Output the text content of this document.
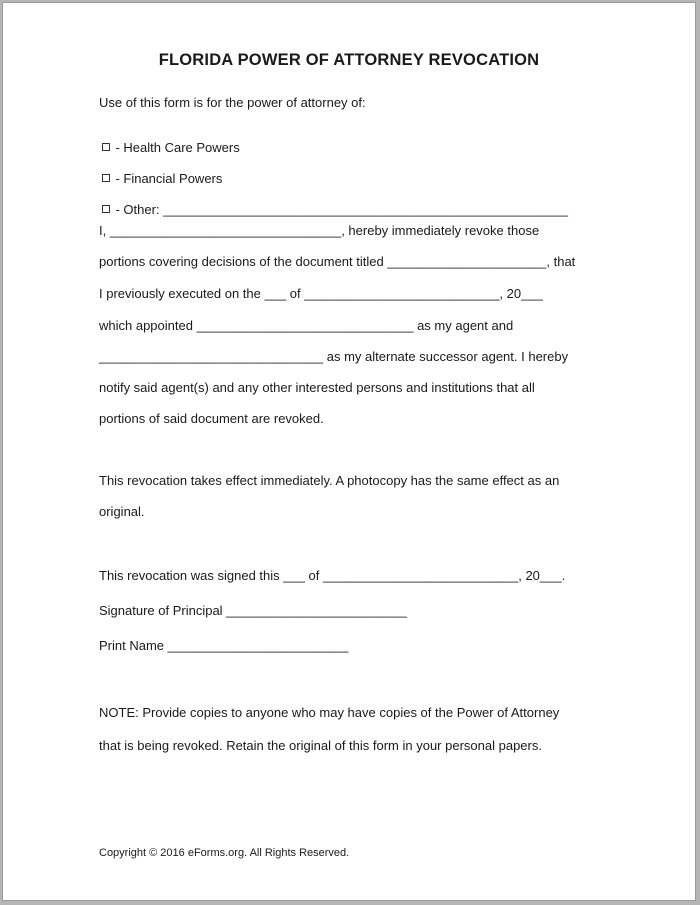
FLORIDA POWER OF ATTORNEY REVOCATION
Use of this form is for the power of attorney of:

- Health Care Powers

- Financial Powers

- Other: ________________________________________________________

I, ________________________________, hereby immediately revoke those
portions covering decisions of the document titled ______________________, that
I previously executed on the ___ of ___________________________, 20___
which appointed ______________________________ as my agent and
_______________________________ as my alternate successor agent. I hereby
notify said agent(s) and any other interested persons and institutions that all
portions of said document are revoked.
This revocation takes effect immediately. A photocopy has the same effect as an
original.
This revocation was signed this ___ of ___________________________, 20___.
Signature of Principal _________________________
Print Name _________________________
NOTE: Provide copies to anyone who may have copies of the Power of Attorney
that is being revoked. Retain the original of this form in your personal papers.
Copyright © 2016 eForms.org. All Rights Reserved.
